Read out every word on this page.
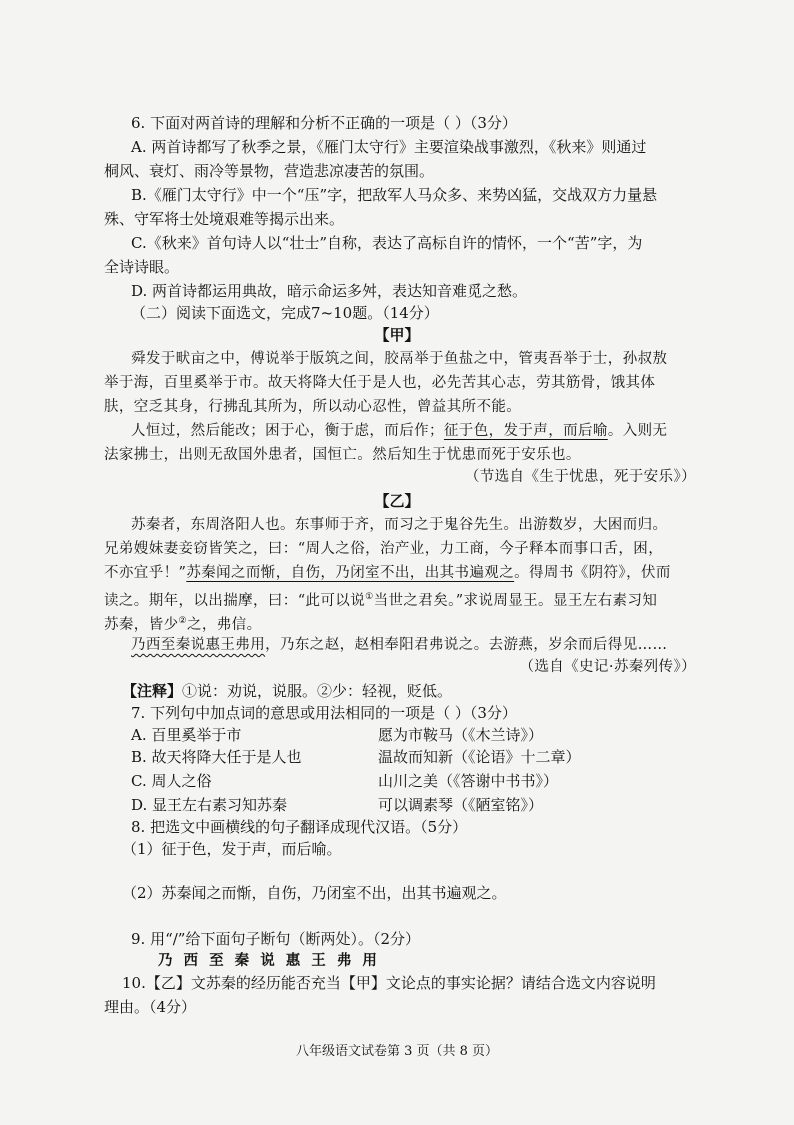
6. 下面对两首诗的理解和分析不正确的一项是（ ）（3分）
A. 两首诗都写了秋季之景，《雁门太守行》主要渲染战事激烈，《秋来》则通过
桐风、衰灯、雨冷等景物，营造悲凉凄苦的氛围。
B.《雁门太守行》中一个“压”字，把敌军人马众多、来势凶猛，交战双方力量悬
殊、守军将士处境艰难等揭示出来。
C.《秋来》首句诗人以“壮士”自称，表达了高标自许的情怀，一个“苦”字，为
全诗诗眼。
D. 两首诗都运用典故，暗示命运多舛，表达知音难觅之愁。
（二）阅读下面选文，完成7~10题。（14分）
【甲】
舜发于畎亩之中，傅说举于版筑之间，胶鬲举于鱼盐之中，管夷吾举于士，孙叔敖
举于海，百里奚举于市。故天将降大任于是人也，必先苦其心志，劳其筋骨，饿其体
肤，空乏其身，行拂乱其所为，所以动心忍性，曾益其所不能。
人恒过，然后能改；困于心，衡于虑，而后作；征于色，发于声，而后喻。入则无
法家拂士，出则无敌国外患者，国恒亡。然后知生于忧患而死于安乐也。
（节选自《生于忧患，死于安乐》）
【乙】
苏秦者，东周洛阳人也。东事师于齐，而习之于鬼谷先生。出游数岁，大困而归。
兄弟嫂妹妻妾窃皆笑之，曰：“周人之俗，治产业，力工商，今子释本而事口舌，困，
不亦宜乎！”苏秦闻之而惭，自伤，乃闭室不出，出其书遍观之。得周书《阴符》，伏而
读之。期年，以出揣摩，曰：“此可以说①当世之君矣。”求说周显王。显王左右素习知
苏秦，皆少②之，弗信。
乃西至秦说惠王弗用，乃东之赵，赵相奉阳君弗说之。去游燕，岁余而后得见……
（选自《史记·苏秦列传》）
【注释】①说：劝说，说服。②少：轻视，贬低。
7. 下列句中加点词的意思或用法相同的一项是（ ）（3分）
A. 百里奚举于市	愿为市鞍马（《木兰诗》）
B. 故天将降大任于是人也	温故而知新（《论语》十二章）
C. 周人之俗	山川之美（《答谢中书书》）
D. 显王左右素习知苏秦	可以调素琴（《陋室铭》）
8. 把选文中画横线的句子翻译成现代汉语。（5分）
（1）征于色，发于声，而后喻。
（2）苏秦闻之而惭，自伤，乃闭室不出，出其书遍观之。
9. 用“/”给下面句子断句（断两处）。（2分）
乃 西 至 秦 说 惠 王 弗 用
10.【乙】文苏秦的经历能否充当【甲】文论点的事实论据？请结合选文内容说明
理由。（4分）
八年级语文试卷第 3 页（共 8 页）
